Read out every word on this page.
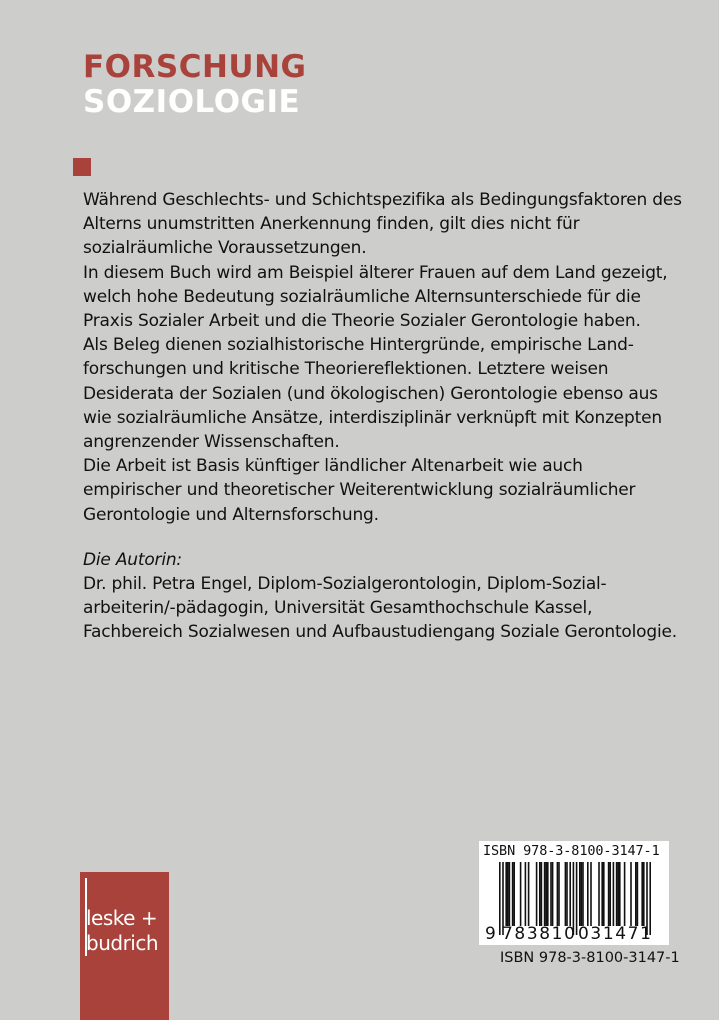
FORSCHUNG
SOZIOLOGIE

Während Geschlechts- und Schichtspezifika als Bedingungsfaktoren des Alterns unumstritten Anerkennung finden, gilt dies nicht für sozialräumliche Voraussetzungen.

In diesem Buch wird am Beispiel älterer Frauen auf dem Land gezeigt, welch hohe Bedeutung sozialräumliche Alternsunterschiede für die Praxis Sozialer Arbeit und die Theorie Sozialer Gerontologie haben.

Als Beleg dienen sozialhistorische Hintergründe, empirische Land-forschungen und kritische Theoriereflektionen. Letztere weisen Desiderata der Sozialen (und ökologischen) Gerontologie ebenso aus wie sozialräumliche Ansätze, interdisziplinär verknüpft mit Konzepten angrenzender Wissenschaften.

Die Arbeit ist Basis künftiger ländlicher Altenarbeit wie auch empirischer und theoretischer Weiterentwicklung sozialräumlicher Gerontologie und Alternsforschung.

Die Autorin:
Dr. phil. Petra Engel, Diplom-Sozialgerontologin, Diplom-Sozial-arbeiterin/-pädagogin, Universität Gesamthochschule Kassel, Fachbereich Sozialwesen und Aufbaustudiengang Soziale Gerontologie.
leske +
budrich
ISBN 978-3-8100-3147-1
9 783810 031471
ISBN 978-3-8100-3147-1
